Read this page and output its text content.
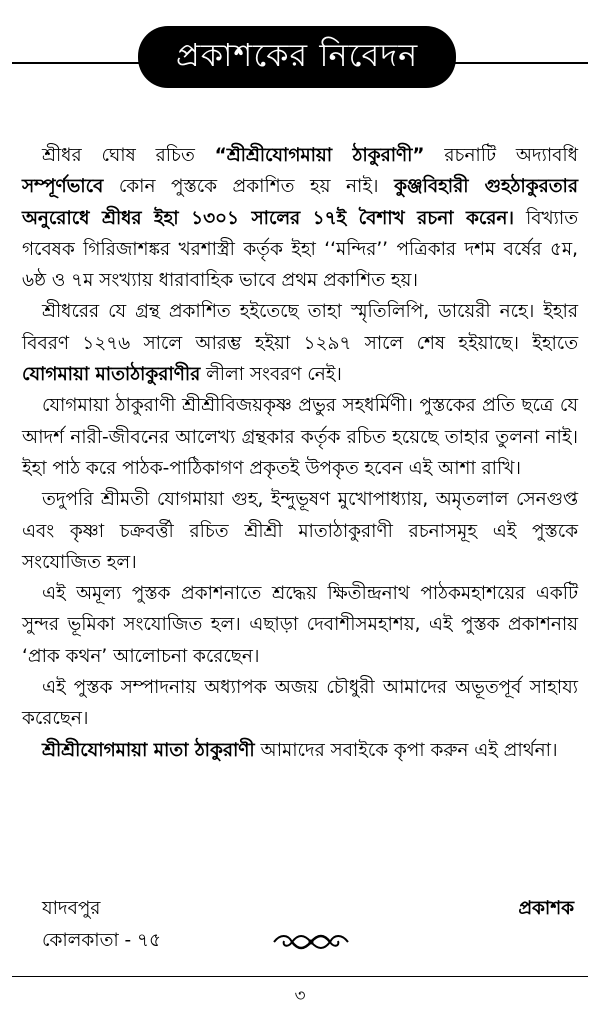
প্রকাশকের নিবেদন

শ্রীধর ঘোষ রচিত “শ্রীশ্রীযোগমায়া ঠাকুরাণী” রচনাটি অদ্যাবধি সম্পূর্ণভাবে কোন পুস্তকে প্রকাশিত হয় নাই। কুঞ্জবিহারী গুহঠাকুরতার অনুরোধে শ্রীধর ইহা ১৩০১ সালের ১৭ই বৈশাখ রচনা করেন। বিখ্যাত গবেষক গিরিজাশঙ্কর খরশাস্ত্রী কর্তৃক ইহা ‘‘মন্দির’’ পত্রিকার দশম বর্ষের ৫ম, ৬ষ্ঠ ও ৭ম সংখ্যায় ধারাবাহিক ভাবে প্রথম প্রকাশিত হয়।

শ্রীধরের যে গ্রন্থ প্রকাশিত হইতেছে তাহা স্মৃতিলিপি, ডায়েরী নহে। ইহার বিবরণ ১২৭৬ সালে আরম্ভ হইয়া ১২৯৭ সালে শেষ হইয়াছে। ইহাতে যোগমায়া মাতাঠাকুরাণীর লীলা সংবরণ নেই।

যোগমায়া ঠাকুরাণী শ্রীশ্রীবিজয়কৃষ্ণ প্রভুর সহধর্মিণী। পুস্তকের প্রতি ছত্রে যে আদর্শ নারী-জীবনের আলেখ্য গ্রন্থকার কর্তৃক রচিত হয়েছে তাহার তুলনা নাই। ইহা পাঠ করে পাঠক-পাঠিকাগণ প্রকৃতই উপকৃত হবেন এই আশা রাখি।

তদুপরি শ্রীমতী যোগমায়া গুহ, ইন্দুভূষণ মুখোপাধ্যায়, অমৃতলাল সেনগুপ্ত এবং কৃষ্ণা চক্রবর্ত্তী রচিত শ্রীশ্রী মাতাঠাকুরাণী রচনাসমূহ এই পুস্তকে সংযোজিত হল।

এই অমূল্য পুস্তক প্রকাশনাতে শ্রদ্ধেয় ক্ষিতীন্দ্রনাথ পাঠকমহাশয়ের একটি সুন্দর ভূমিকা সংযোজিত হল। এছাড়া দেবাশীসমহাশয়, এই পুস্তক প্রকাশনায় ‘প্রাক কথন’ আলোচনা করেছেন।

এই পুস্তক সম্পাদনায় অধ্যাপক অজয় চৌধুরী আমাদের অভূতপূর্ব সাহায্য করেছেন।

শ্রীশ্রীযোগমায়া মাতা ঠাকুরাণী আমাদের সবাইকে কৃপা করুন এই প্রার্থনা।

যাদবপুর	প্রকাশক
কোলকাতা - ৭৫
৩
